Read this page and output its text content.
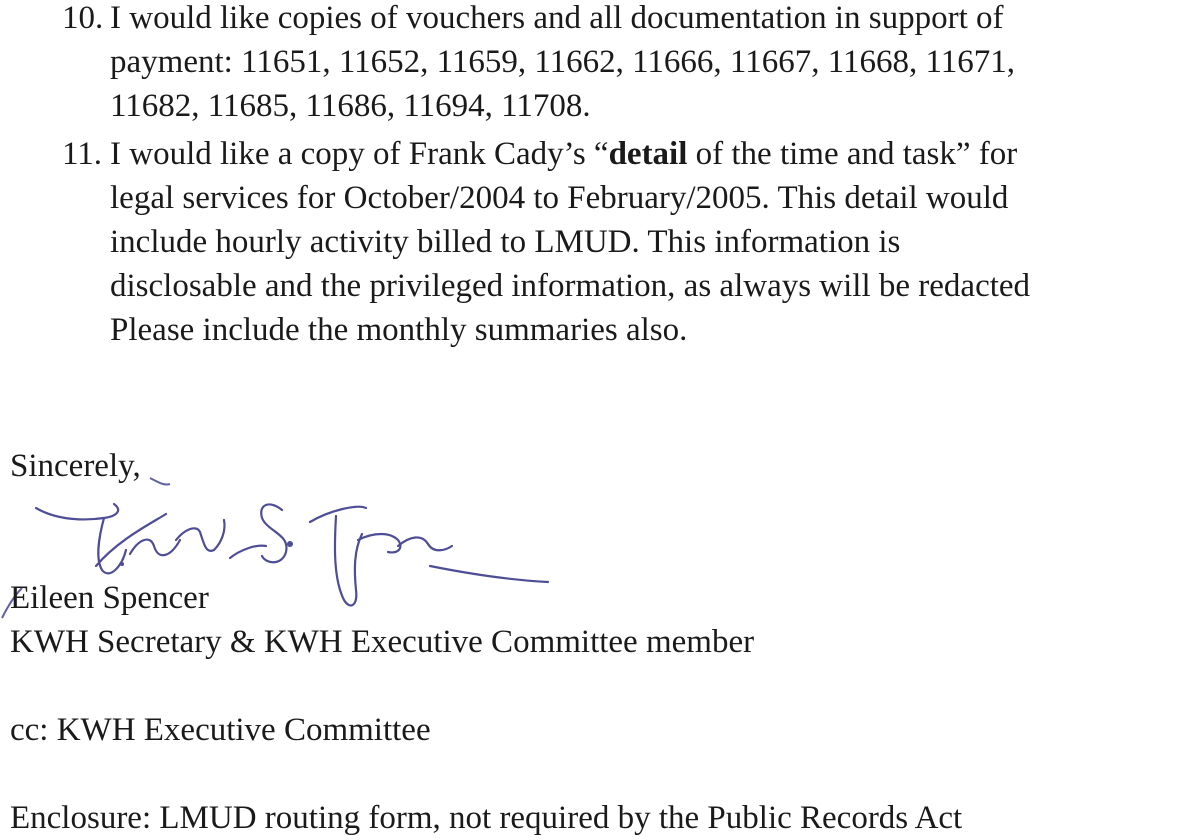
10. I would like copies of vouchers and all documentation in support of
payment: 11651, 11652, 11659, 11662, 11666, 11667, 11668, 11671,
11682, 11685, 11686, 11694, 11708.
11. I would like a copy of Frank Cady’s “detail of the time and task” for
legal services for October/2004 to February/2005. This detail would
include hourly activity billed to LMUD. This information is
disclosable and the privileged information, as always will be redacted
Please include the monthly summaries also.
Sincerely,
Eileen Spencer
KWH Secretary & KWH Executive Committee member
cc: KWH Executive Committee
Enclosure: LMUD routing form, not required by the Public Records Act
